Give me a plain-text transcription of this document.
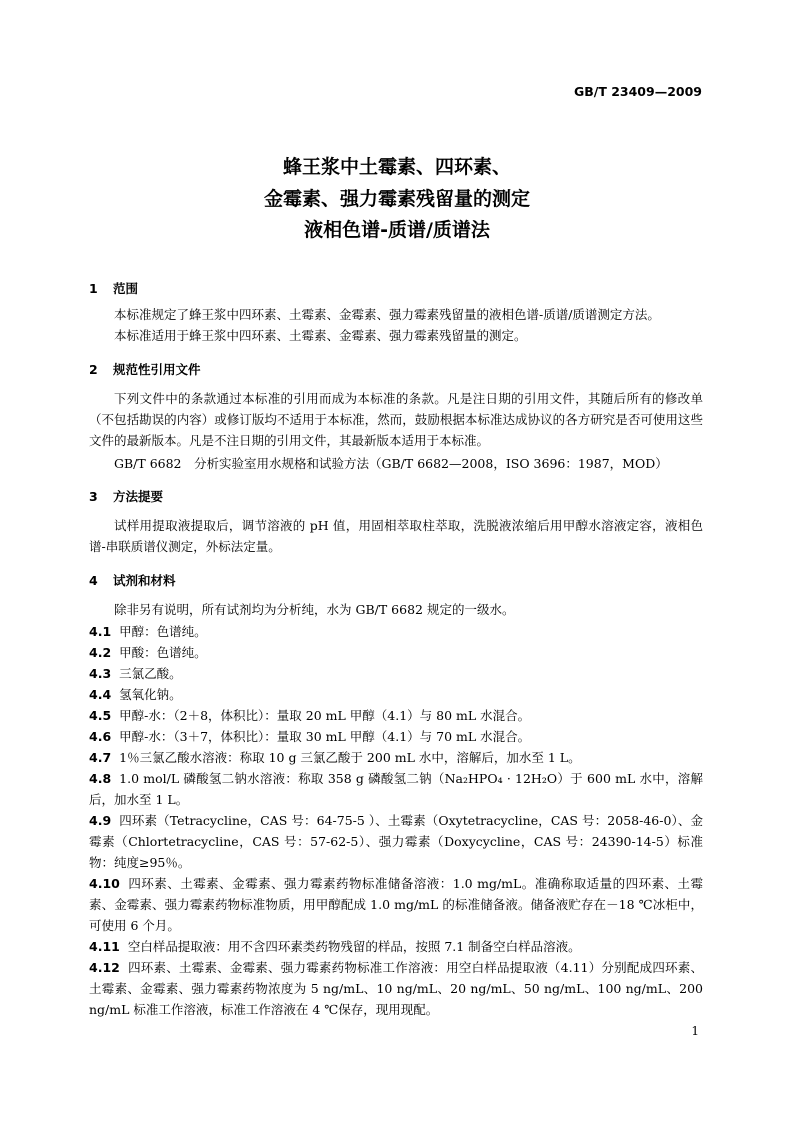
GB/T 23409—2009
蜂王浆中土霉素、四环素、
金霉素、强力霉素残留量的测定
液相色谱-质谱/质谱法
1 范围
本标准规定了蜂王浆中四环素、土霉素、金霉素、强力霉素残留量的液相色谱-质谱/质谱测定方法。
本标准适用于蜂王浆中四环素、土霉素、金霉素、强力霉素残留量的测定。
2 规范性引用文件
下列文件中的条款通过本标准的引用而成为本标准的条款。凡是注日期的引用文件，其随后所有的修改单（不包括勘误的内容）或修订版均不适用于本标准，然而，鼓励根据本标准达成协议的各方研究是否可使用这些文件的最新版本。凡是不注日期的引用文件，其最新版本适用于本标准。
GB/T 6682　分析实验室用水规格和试验方法（GB/T 6682—2008，ISO 3696：1987，MOD）
3 方法提要
试样用提取液提取后，调节溶液的 pH 值，用固相萃取柱萃取，洗脱液浓缩后用甲醇水溶液定容，液相色谱-串联质谱仪测定，外标法定量。
4 试剂和材料
除非另有说明，所有试剂均为分析纯，水为 GB/T 6682 规定的一级水。
4.1 甲醇：色谱纯。
4.2 甲酸：色谱纯。
4.3 三氯乙酸。
4.4 氢氧化钠。
4.5 甲醇-水：（2＋8，体积比）：量取 20 mL 甲醇（4.1）与 80 mL 水混合。
4.6 甲醇-水：（3＋7，体积比）：量取 30 mL 甲醇（4.1）与 70 mL 水混合。
4.7 1％三氯乙酸水溶液：称取 10 g 三氯乙酸于 200 mL 水中，溶解后，加水至 1 L。
4.8 1.0 mol/L 磷酸氢二钠水溶液：称取 358 g 磷酸氢二钠（Na₂HPO₄ · 12H₂O）于 600 mL 水中，溶解后，加水至 1 L。
4.9 四环素（Tetracycline，CAS 号：64-75-5 ）、土霉素（Oxytetracycline，CAS 号：2058-46-0）、金霉素（Chlortetracycline，CAS 号：57-62-5）、强力霉素（Doxycycline，CAS 号：24390-14-5）标准物：纯度≥95％。
4.10 四环素、土霉素、金霉素、强力霉素药物标准储备溶液：1.0 mg/mL。准确称取适量的四环素、土霉素、金霉素、强力霉素药物标准物质，用甲醇配成 1.0 mg/mL 的标准储备液。储备液贮存在－18 ℃冰柜中，可使用 6 个月。
4.11 空白样品提取液：用不含四环素类药物残留的样品，按照 7.1 制备空白样品溶液。
4.12 四环素、土霉素、金霉素、强力霉素药物标准工作溶液：用空白样品提取液（4.11）分别配成四环素、土霉素、金霉素、强力霉素药物浓度为 5 ng/mL、10 ng/mL、20 ng/mL、50 ng/mL、100 ng/mL、200 ng/mL 标准工作溶液，标准工作溶液在 4 ℃保存，现用现配。
1
